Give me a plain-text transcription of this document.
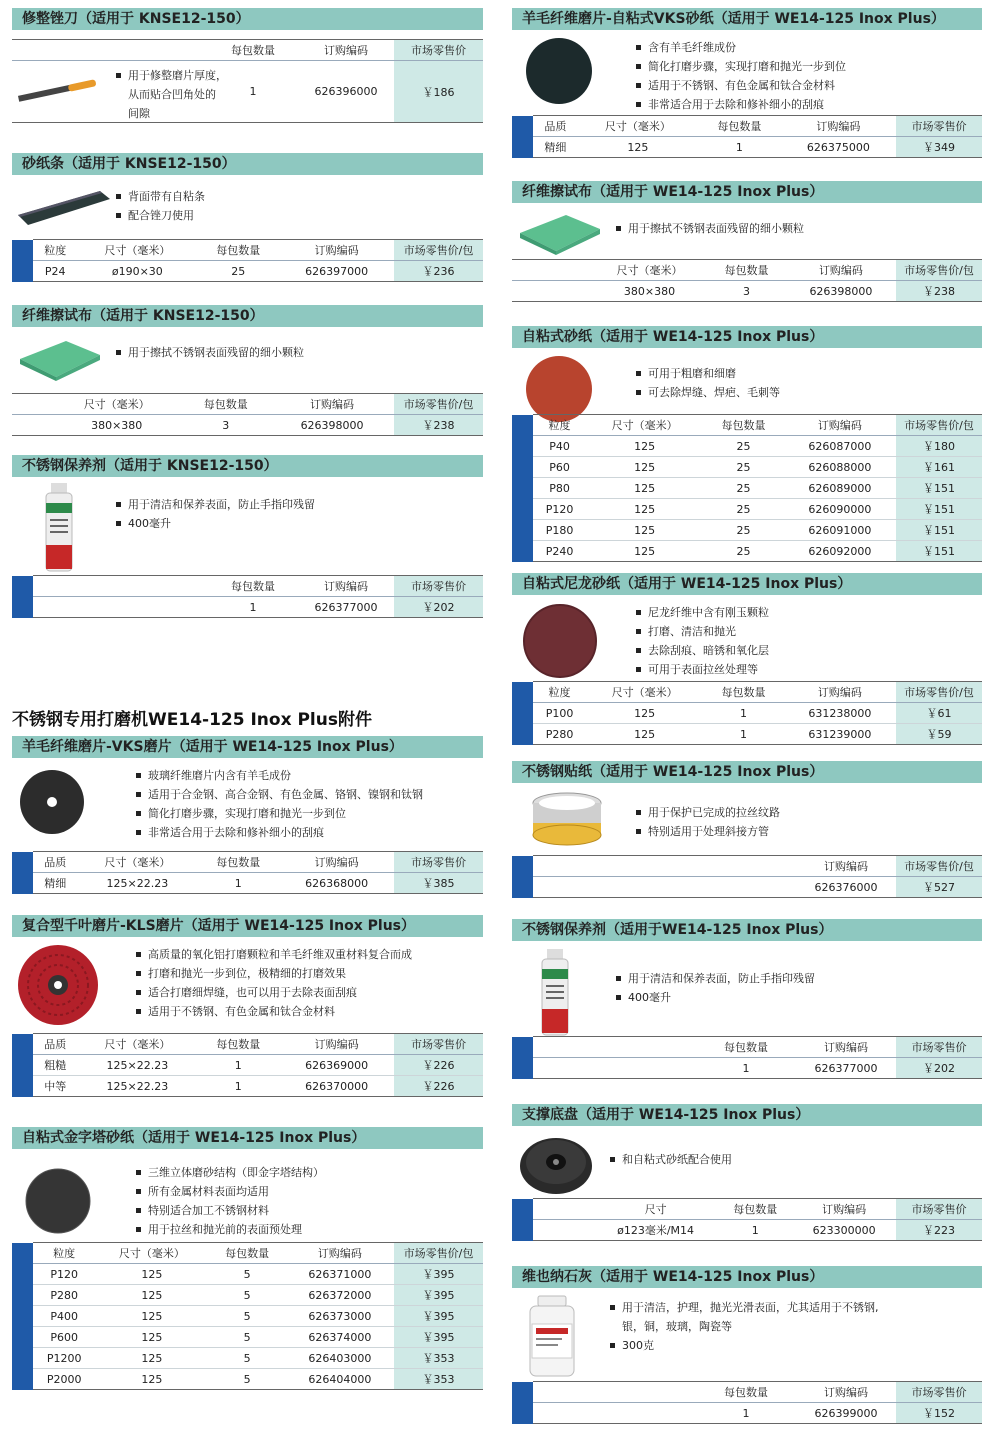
修整锉刀（适用于 KNSE12-150）
	每包数量	订购编码	市场零售价
	1	626396000	￥186
用于修整磨片厚度，
从而贴合凹角处的
间隙
砂纸条（适用于 KNSE12-150）
背面带有自粘条
配合锉刀使用
	粒度	尺寸（毫米）	每包数量	订购编码	市场零售价/包
	P24	ø190×30	25	626397000	￥236
纤维擦试布（适用于 KNSE12-150）
用于擦拭不锈钢表面残留的细小颗粒
	尺寸（毫米）	每包数量	订购编码	市场零售价/包
	380×380	3	626398000	￥238
不锈钢保养剂（适用于 KNSE12-150）
用于清洁和保养表面，防止手指印残留
400毫升
		每包数量	订购编码	市场零售价
		1	626377000	￥202
不锈钢专用打磨机WE14-125 Inox Plus附件
羊毛纤维磨片-VKS磨片（适用于 WE14-125 Inox Plus）
玻璃纤维磨片内含有羊毛成份
适用于合金钢、高合金钢、有色金属、铬钢、镍钢和钛钢
简化打磨步骤，实现打磨和抛光一步到位
非常适合用于去除和修补细小的刮痕
	品质	尺寸（毫米）	每包数量	订购编码	市场零售价
	精细	125×22.23	1	626368000	￥385
复合型千叶磨片-KLS磨片（适用于 WE14-125 Inox Plus）
高质量的氧化铝打磨颗粒和羊毛纤维双重材料复合而成
打磨和抛光一步到位，极精细的打磨效果
适合打磨细焊缝，也可以用于去除表面刮痕
适用于不锈钢、有色金属和钛合金材料
	品质	尺寸（毫米）	每包数量	订购编码	市场零售价
	粗糙	125×22.23	1	626369000	￥226
	中等	125×22.23	1	626370000	￥226
自粘式金字塔砂纸（适用于 WE14-125 Inox Plus）
三维立体磨砂结构（即金字塔结构）
所有金属材料表面均适用
特别适合加工不锈钢材料
用于拉丝和抛光前的表面预处理
	粒度	尺寸（毫米）	每包数量	订购编码	市场零售价/包
	P120	125	5	626371000	￥395
	P280	125	5	626372000	￥395
	P400	125	5	626373000	￥395
	P600	125	5	626374000	￥395
	P1200	125	5	626403000	￥353
	P2000	125	5	626404000	￥353
羊毛纤维磨片-自粘式VKS砂纸（适用于 WE14-125 Inox Plus）
含有羊毛纤维成份
简化打磨步骤，实现打磨和抛光一步到位
适用于不锈钢、有色金属和钛合金材料
非常适合用于去除和修补细小的刮痕
	品质	尺寸（毫米）	每包数量	订购编码	市场零售价
	精细	125	1	626375000	￥349
纤维擦试布（适用于 WE14-125 Inox Plus）
用于擦拭不锈钢表面残留的细小颗粒
	尺寸（毫米）	每包数量	订购编码	市场零售价/包
	380×380	3	626398000	￥238
自粘式砂纸（适用于 WE14-125 Inox Plus）
可用于粗磨和细磨
可去除焊缝、焊疤、毛刺等
	粒度	尺寸（毫米）	每包数量	订购编码	市场零售价/包
	P40	125	25	626087000	￥180
	P60	125	25	626088000	￥161
	P80	125	25	626089000	￥151
	P120	125	25	626090000	￥151
	P180	125	25	626091000	￥151
	P240	125	25	626092000	￥151
自粘式尼龙砂纸（适用于 WE14-125 Inox Plus）
尼龙纤维中含有刚玉颗粒
打磨、清洁和抛光
去除刮痕、暗锈和氧化层
可用于表面拉丝处理等
	粒度	尺寸（毫米）	每包数量	订购编码	市场零售价/包
	P100	125	1	631238000	￥61
	P280	125	1	631239000	￥59
不锈钢贴纸（适用于 WE14-125 Inox Plus）
用于保护已完成的拉丝纹路
特别适用于处理斜接方管
		订购编码	市场零售价/包
		626376000	￥527
不锈钢保养剂（适用于WE14-125 Inox Plus）
用于清洁和保养表面，防止手指印残留
400毫升
		每包数量	订购编码	市场零售价
		1	626377000	￥202
支撑底盘（适用于 WE14-125 Inox Plus）
和自粘式砂纸配合使用
		尺寸	每包数量	订购编码	市场零售价
		ø123毫米/M14	1	623300000	￥223
维也纳石灰（适用于 WE14-125 Inox Plus）
用于清洁，护理，抛光光滑表面，尤其适用于不锈钢,
银，铜，玻璃，陶瓷等
300克
		每包数量	订购编码	市场零售价
		1	626399000	￥152
